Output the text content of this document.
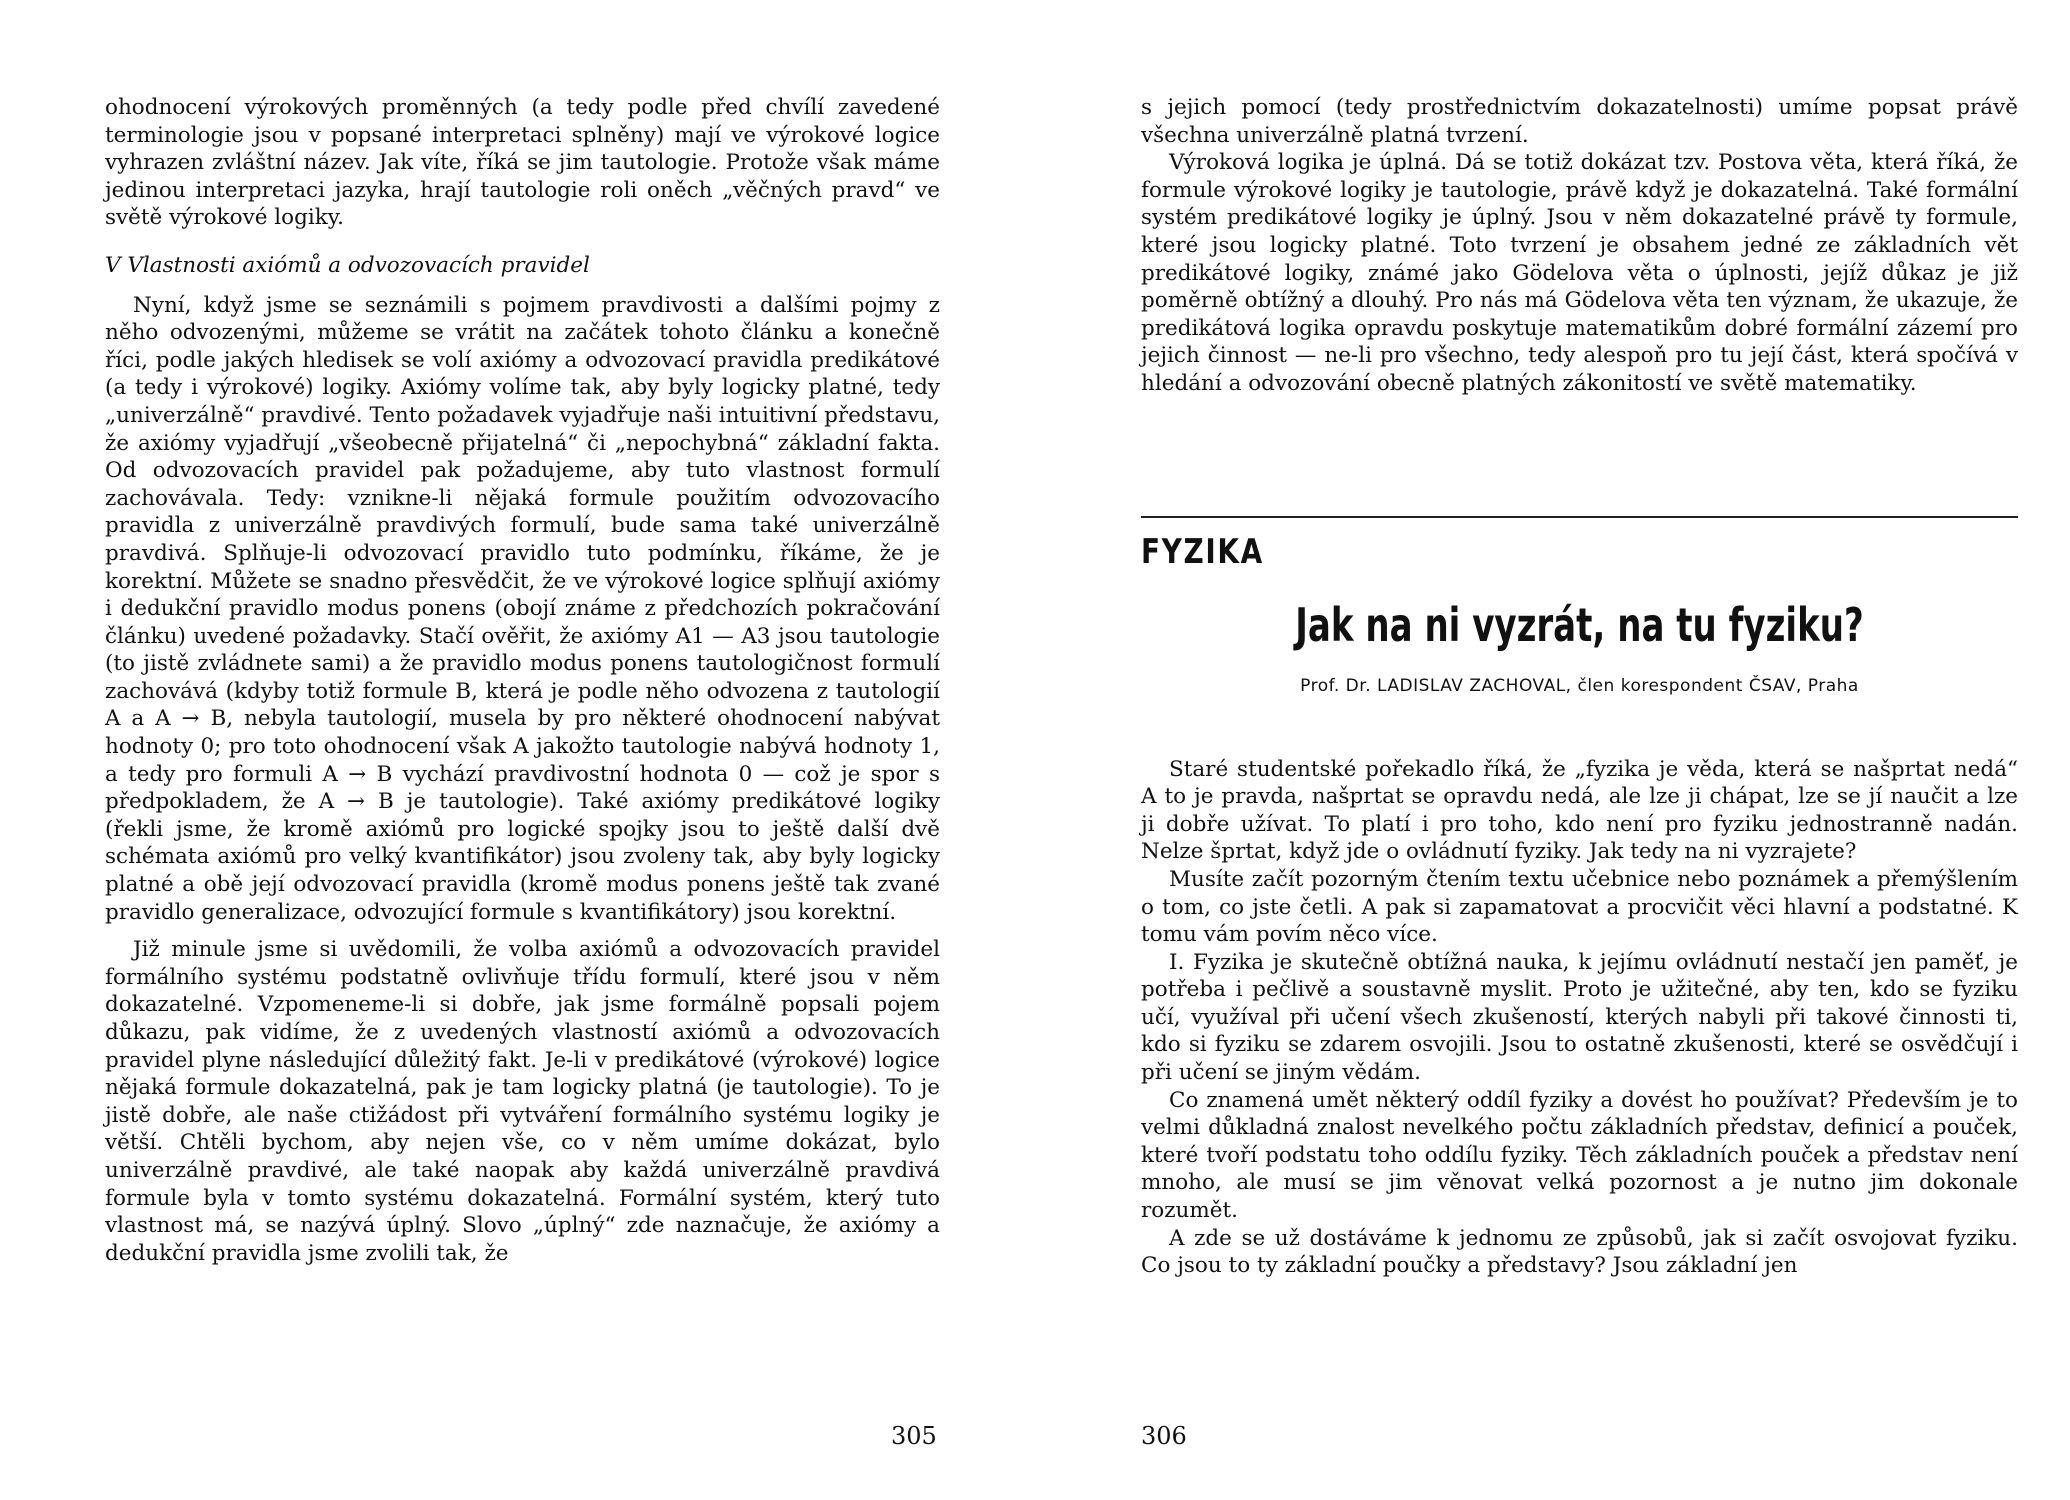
ohodnocení výrokových proměnných (a tedy podle před chvílí zavedené terminologie jsou v popsané interpretaci splněny) mají ve výrokové logice vyhrazen zvláštní název. Jak víte, říká se jim tautologie. Protože však máme jedinou interpretaci jazyka, hrají tautologie roli oněch „věčných pravd“ ve světě výrokové logiky.

V Vlastnosti axiómů a odvozovacích pravidel

Nyní, když jsme se seznámili s pojmem pravdivosti a dalšími pojmy z něho odvozenými, můžeme se vrátit na začátek tohoto článku a konečně říci, podle jakých hledisek se volí axiómy a odvozovací pravidla predikátové (a tedy i výrokové) logiky. Axiómy volíme tak, aby byly logicky platné, tedy „univerzálně“ pravdivé. Tento požadavek vyjadřuje naši intuitivní představu, že axiómy vyjadřují „všeobecně přijatelná“ či „nepochybná“ základní fakta. Od odvozovacích pravidel pak požadujeme, aby tuto vlastnost formulí zachovávala. Tedy: vznikne-li nějaká formule použitím odvozovacího pravidla z univerzálně pravdivých formulí, bude sama také univerzálně pravdivá. Splňuje-li odvozovací pravidlo tuto podmínku, říkáme, že je korektní. Můžete se snadno přesvědčit, že ve výrokové logice splňují axiómy i dedukční pravidlo modus ponens (obojí známe z předchozích pokračování článku) uvedené požadavky. Stačí ověřit, že axiómy A1 — A3 jsou tautologie (to jistě zvládnete sami) a že pravidlo modus ponens tautologičnost formulí zachovává (kdyby totiž formule B, která je podle něho odvozena z tautologií A a A → B, nebyla tautologií, musela by pro některé ohodnocení nabývat hodnoty 0; pro toto ohodnocení však A jakožto tautologie nabývá hodnoty 1, a tedy pro formuli A → B vychází pravdivostní hodnota 0 — což je spor s předpokladem, že A → B je tautologie). Také axiómy predikátové logiky (řekli jsme, že kromě axiómů pro logické spojky jsou to ještě další dvě schémata axiómů pro velký kvantifikátor) jsou zvoleny tak, aby byly logicky platné a obě její odvozovací pravidla (kromě modus ponens ještě tak zvané pravidlo generalizace, odvozující formule s kvantifikátory) jsou korektní.

Již minule jsme si uvědomili, že volba axiómů a odvozovacích pravidel formálního systému podstatně ovlivňuje třídu formulí, které jsou v něm dokazatelné. Vzpomeneme-li si dobře, jak jsme formálně popsali pojem důkazu, pak vidíme, že z uvedených vlastností axiómů a odvozovacích pravidel plyne následující důležitý fakt. Je-li v predikátové (výrokové) logice nějaká formule dokazatelná, pak je tam logicky platná (je tautologie). To je jistě dobře, ale naše ctižádost při vytváření formálního systému logiky je větší. Chtěli bychom, aby nejen vše, co v něm umíme dokázat, bylo univerzálně pravdivé, ale také naopak aby každá univerzálně pravdivá formule byla v tomto systému dokazatelná. Formální systém, který tuto vlastnost má, se nazývá úplný. Slovo „úplný“ zde naznačuje, že axiómy a dedukční pravidla jsme zvolili tak, že

305

s jejich pomocí (tedy prostřednictvím dokazatelnosti) umíme popsat právě všechna univerzálně platná tvrzení.

Výroková logika je úplná. Dá se totiž dokázat tzv. Postova věta, která říká, že formule výrokové logiky je tautologie, právě když je dokazatelná. Také formální systém predikátové logiky je úplný. Jsou v něm dokazatelné právě ty formule, které jsou logicky platné. Toto tvrzení je obsahem jedné ze základních vět predikátové logiky, známé jako Gödelova věta o úplnosti, jejíž důkaz je již poměrně obtížný a dlouhý. Pro nás má Gödelova věta ten význam, že ukazuje, že predikátová logika opravdu poskytuje matematikům dobré formální zázemí pro jejich činnost — ne-li pro všechno, tedy alespoň pro tu její část, která spočívá v hledání a odvozování obecně platných zákonitostí ve světě matematiky.

FYZIKA
Jak na ni vyzrát, na tu fyziku?
Prof. Dr. LADISLAV ZACHOVAL, člen korespondent ČSAV, Praha

Staré studentské pořekadlo říká, že „fyzika je věda, která se našprtat nedá“ A to je pravda, našprtat se opravdu nedá, ale lze ji chápat, lze se jí naučit a lze ji dobře užívat. To platí i pro toho, kdo není pro fyziku jednostranně nadán. Nelze šprtat, když jde o ovládnutí fyziky. Jak tedy na ni vyzrajete?

Musíte začít pozorným čtením textu učebnice nebo poznámek a přemýšlením o tom, co jste četli. A pak si zapamatovat a procvičit věci hlavní a podstatné. K tomu vám povím něco více.

I. Fyzika je skutečně obtížná nauka, k jejímu ovládnutí nestačí jen paměť, je potřeba i pečlivě a soustavně myslit. Proto je užitečné, aby ten, kdo se fyziku učí, využíval při učení všech zkušeností, kterých nabyli při takové činnosti ti, kdo si fyziku se zdarem osvojili. Jsou to ostatně zkušenosti, které se osvědčují i při učení se jiným vědám.

Co znamená umět některý oddíl fyziky a dovést ho používat? Především je to velmi důkladná znalost nevelkého počtu základních představ, definicí a pouček, které tvoří podstatu toho oddílu fyziky. Těch základních pouček a představ není mnoho, ale musí se jim věnovat velká pozornost a je nutno jim dokonale rozumět.

A zde se už dostáváme k jednomu ze způsobů, jak si začít osvojovat fyziku. Co jsou to ty základní poučky a představy? Jsou základní jen

306
